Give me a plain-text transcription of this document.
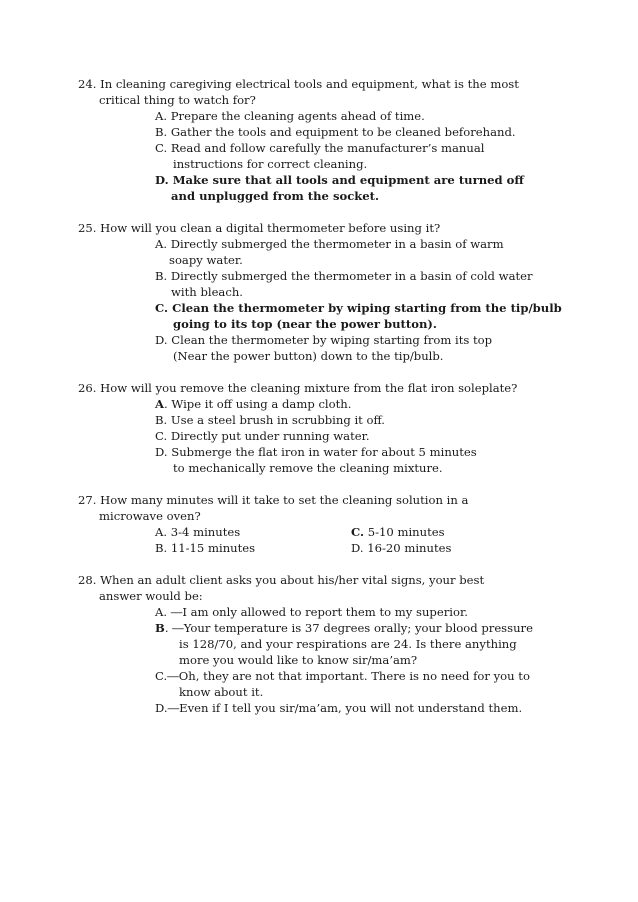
24. In cleaning caregiving electrical tools and equipment, what is the most
critical thing to watch for?
A. Prepare the cleaning agents ahead of time.
B. Gather the tools and equipment to be cleaned beforehand.
C. Read and follow carefully the manufacturer’s manual
instructions for correct cleaning.
D. Make sure that all tools and equipment are turned off
and unplugged from the socket.
25. How will you clean a digital thermometer before using it?
A. Directly submerged the thermometer in a basin of warm
soapy water.
B. Directly submerged the thermometer in a basin of cold water
with bleach.
C. Clean the thermometer by wiping starting from the tip/bulb
going to its top (near the power button).
D. Clean the thermometer by wiping starting from its top
(Near the power button) down to the tip/bulb.
26. How will you remove the cleaning mixture from the flat iron soleplate?
A. Wipe it off using a damp cloth.
B. Use a steel brush in scrubbing it off.
C. Directly put under running water.
D. Submerge the flat iron in water for about 5 minutes
to mechanically remove the cleaning mixture.
27. How many minutes will it take to set the cleaning solution in a
microwave oven?
A. 3-4 minutes	C. 5-10 minutes
B. 11-15 minutes	D. 16-20 minutes
28. When an adult client asks you about his/her vital signs, your best
answer would be:
A. ―I am only allowed to report them to my superior.
B. ―Your temperature is 37 degrees orally; your blood pressure
is 128/70, and your respirations are 24. Is there anything
more you would like to know sir/ma’am?
C.―Oh, they are not that important. There is no need for you to
know about it.
D.―Even if I tell you sir/ma’am, you will not understand them.
